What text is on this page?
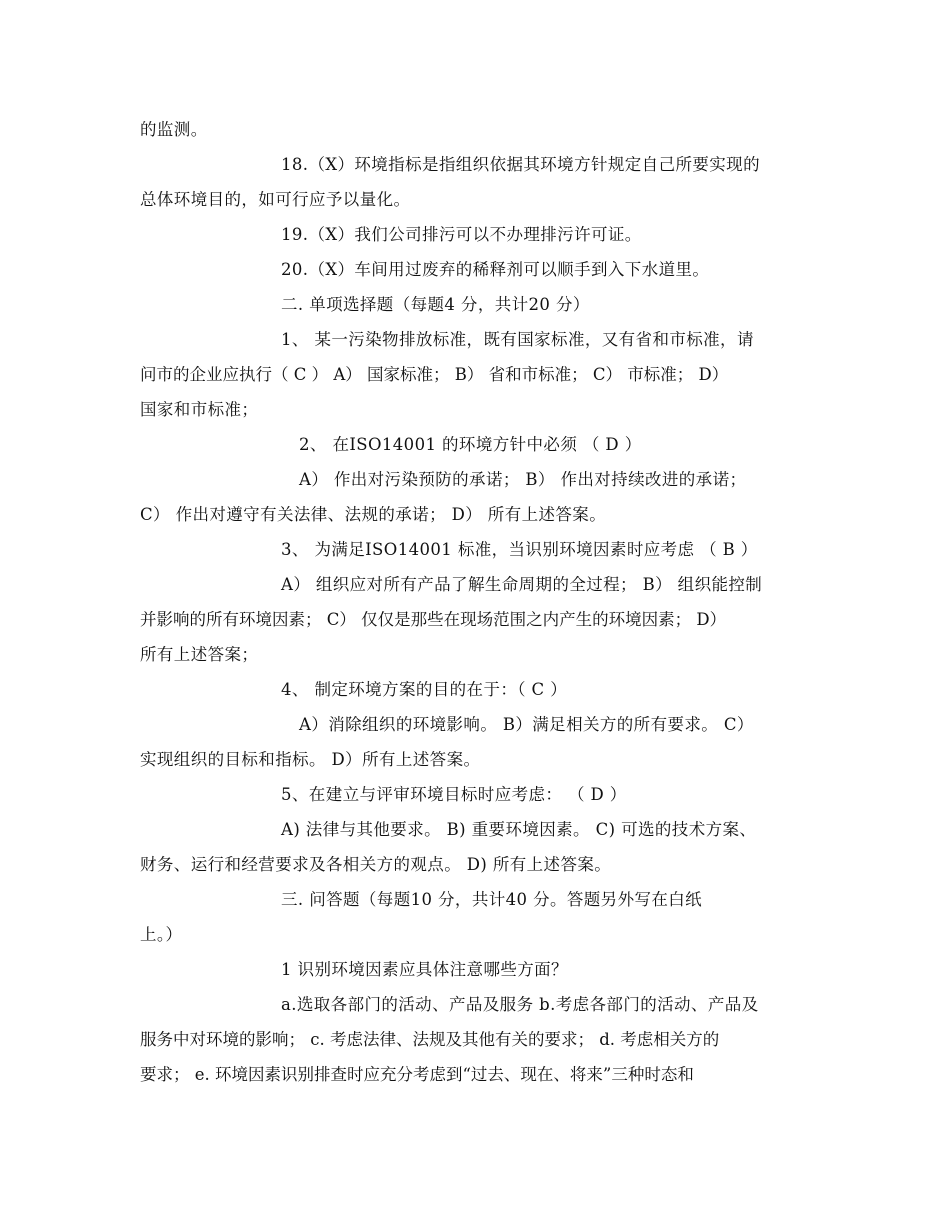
的监测。
18.（X）环境指标是指组织依据其环境方针规定自己所要实现的
总体环境目的，如可行应予以量化。
19.（X）我们公司排污可以不办理排污许可证。
20.（X）车间用过废弃的稀释剂可以顺手到入下水道里。
二. 单项选择题（每题4 分，共计20 分）
1、 某一污染物排放标准，既有国家标准，又有省和市标准，请
问市的企业应执行（ C ） A） 国家标准； B） 省和市标准； C） 市标准； D）
国家和市标准；
2、 在ISO14001 的环境方针中必须 （ D ）
A） 作出对污染预防的承诺； B） 作出对持续改进的承诺；
C） 作出对遵守有关法律、法规的承诺； D） 所有上述答案。
3、 为满足ISO14001 标准，当识别环境因素时应考虑 （ B ）
A） 组织应对所有产品了解生命周期的全过程； B） 组织能控制
并影响的所有环境因素； C） 仅仅是那些在现场范围之内产生的环境因素； D）
所有上述答案；
4、 制定环境方案的目的在于：（ C ）
A）消除组织的环境影响。 B）满足相关方的所有要求。 C）
实现组织的目标和指标。 D）所有上述答案。
5、在建立与评审环境目标时应考虑： （ D ）
A) 法律与其他要求。 B) 重要环境因素。 C) 可选的技术方案、
财务、运行和经营要求及各相关方的观点。 D) 所有上述答案。
三. 问答题（每题10 分，共计40 分。答题另外写在白纸
上。）
1 识别环境因素应具体注意哪些方面？
a.选取各部门的活动、产品及服务 b.考虑各部门的活动、产品及
服务中对环境的影响； c. 考虑法律、法规及其他有关的要求； d. 考虑相关方的
要求； e. 环境因素识别排查时应充分考虑到“过去、现在、将来”三种时态和
